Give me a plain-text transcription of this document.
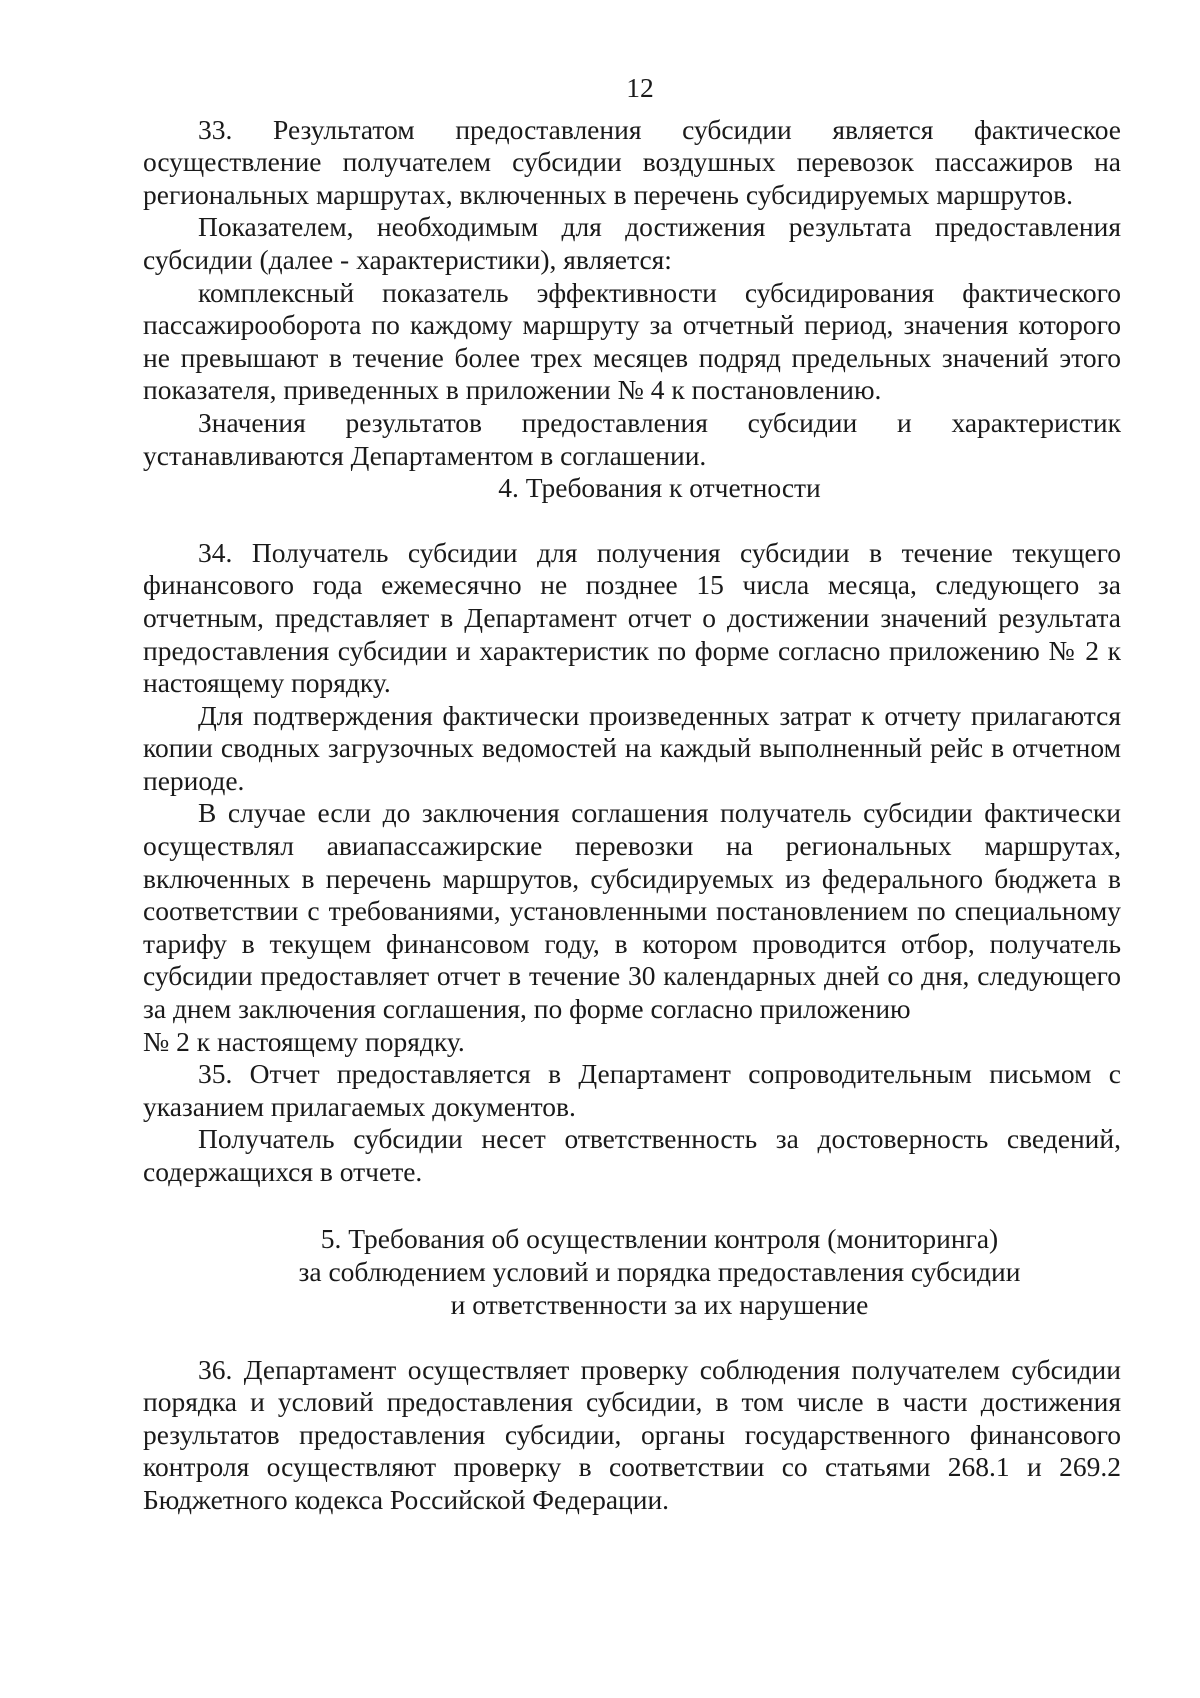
12

33. Результатом предоставления субсидии является фактическое осуществление получателем субсидии воздушных перевозок пассажиров на региональных маршрутах, включенных в перечень субсидируемых маршрутов.

Показателем, необходимым для достижения результата предоставления субсидии (далее - характеристики), является:

комплексный показатель эффективности субсидирования фактического пассажирооборота по каждому маршруту за отчетный период, значения которого не превышают в течение более трех месяцев подряд предельных значений этого показателя, приведенных в приложении № 4 к постановлению.

Значения результатов предоставления субсидии и характеристик устанавливаются Департаментом в соглашении.

4. Требования к отчетности

34. Получатель субсидии для получения субсидии в течение текущего финансового года ежемесячно не позднее 15 числа месяца, следующего за отчетным, представляет в Департамент отчет о достижении значений результата предоставления субсидии и характеристик по форме согласно приложению № 2 к настоящему порядку.

Для подтверждения фактически произведенных затрат к отчету прилагаются копии сводных загрузочных ведомостей на каждый выполненный рейс в отчетном периоде.

В случае если до заключения соглашения получатель субсидии фактически осуществлял авиапассажирские перевозки на региональных маршрутах, включенных в перечень маршрутов, субсидируемых из федерального бюджета в соответствии с требованиями, установленными постановлением по специальному тарифу в текущем финансовом году, в котором проводится отбор, получатель субсидии предоставляет отчет в течение 30 календарных дней со дня, следующего за днем заключения соглашения, по форме согласно приложению

№ 2 к настоящему порядку.

35. Отчет предоставляется в Департамент сопроводительным письмом с указанием прилагаемых документов.

Получатель субсидии несет ответственность за достоверность сведений, содержащихся в отчете.

5. Требования об осуществлении контроля (мониторинга)
за соблюдением условий и порядка предоставления субсидии
и ответственности за их нарушение

36. Департамент осуществляет проверку соблюдения получателем субсидии порядка и условий предоставления субсидии, в том числе в части достижения результатов предоставления субсидии, органы государственного финансового контроля осуществляют проверку в соответствии со статьями 268.1 и 269.2 Бюджетного кодекса Российской Федерации.
